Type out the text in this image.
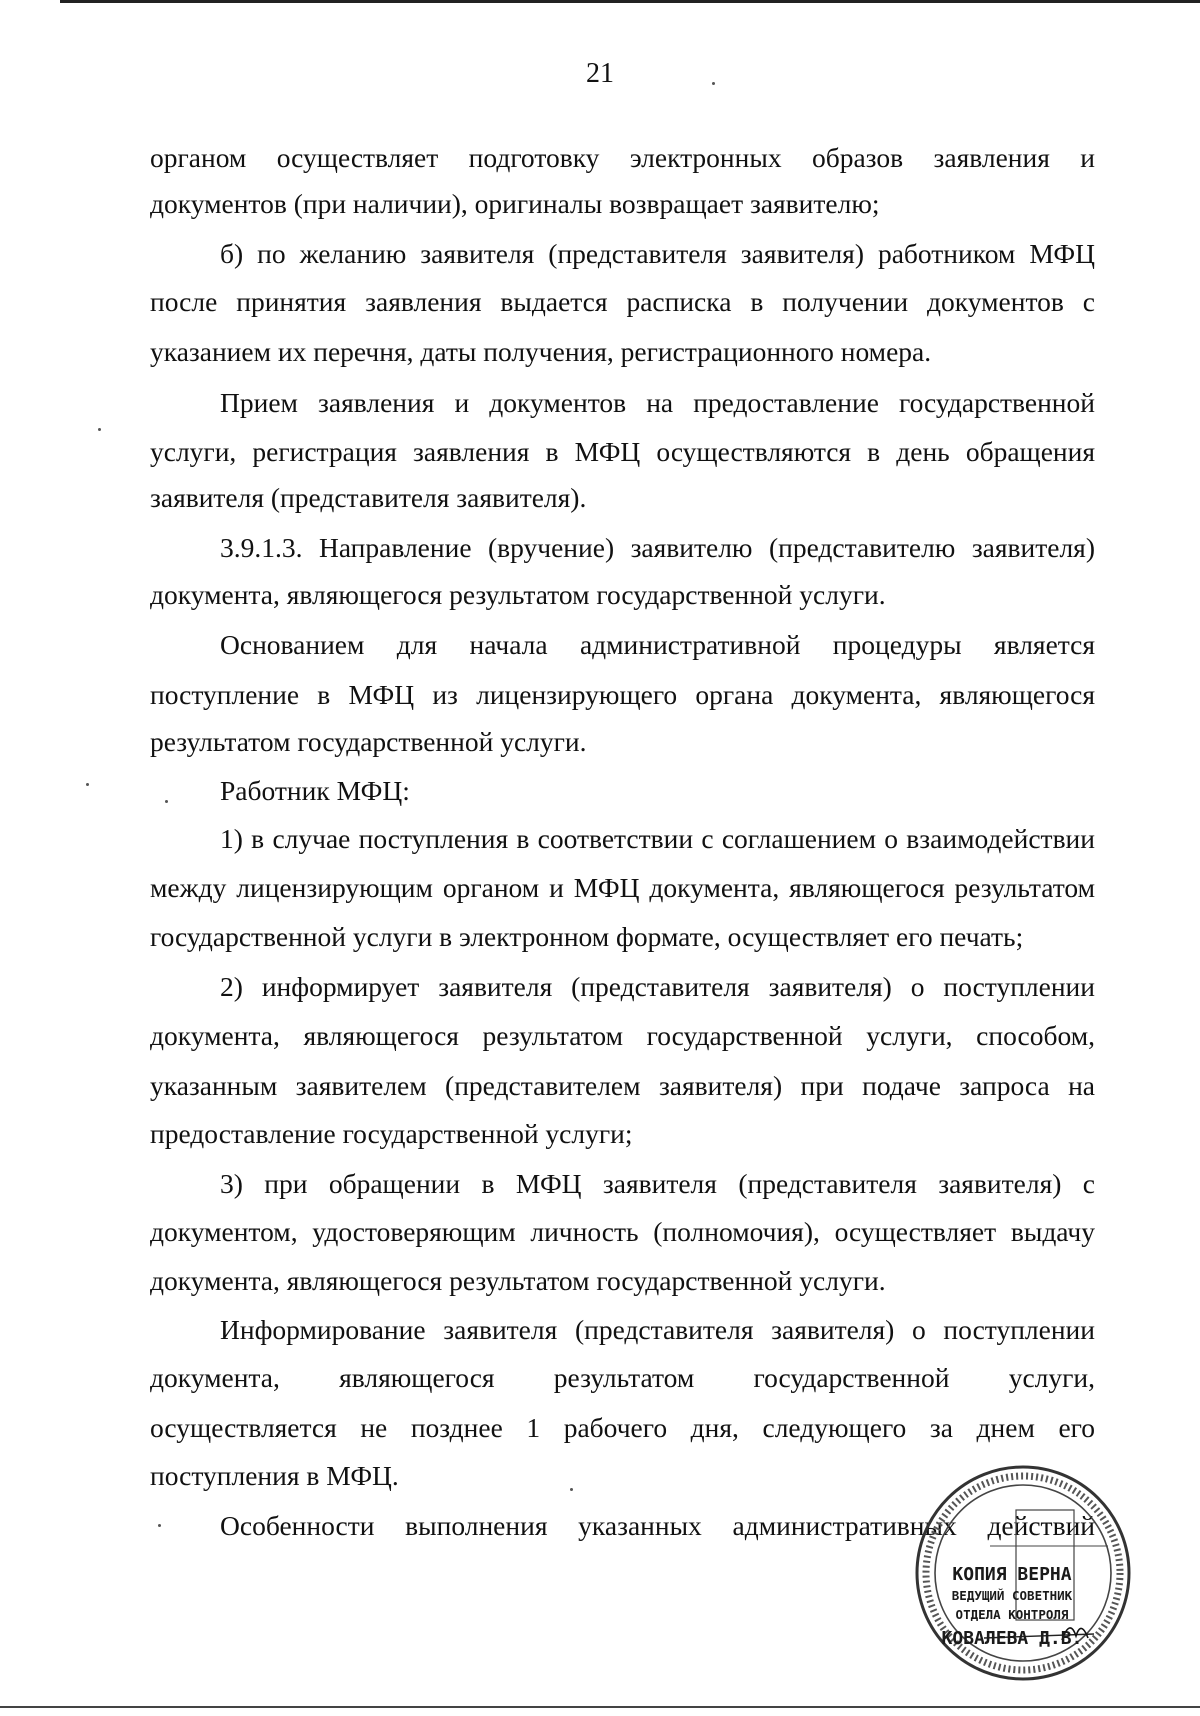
21
органом осуществляет подготовку электронных образов заявления и
документов (при наличии), оригиналы возвращает заявителю;
б) по желанию заявителя (представителя заявителя) работником МФЦ
после принятия заявления выдается расписка в получении документов с
указанием их перечня, даты получения, регистрационного номера.
Прием заявления и документов на предоставление государственной
услуги, регистрация заявления в МФЦ осуществляются в день обращения
заявителя (представителя заявителя).
3.9.1.3. Направление (вручение) заявителю (представителю заявителя)
документа, являющегося результатом государственной услуги.
Основанием для начала административной процедуры является
поступление в МФЦ из лицензирующего органа документа, являющегося
результатом государственной услуги.
Работник МФЦ:
1) в случае поступления в соответствии с соглашением о взаимодействии
между лицензирующим органом и МФЦ документа, являющегося результатом
государственной услуги в электронном формате, осуществляет его печать;
2) информирует заявителя (представителя заявителя) о поступлении
документа, являющегося результатом государственной услуги, способом,
указанным заявителем (представителем заявителя) при подаче запроса на
предоставление государственной услуги;
3) при обращении в МФЦ заявителя (представителя заявителя) с
документом, удостоверяющим личность (полномочия), осуществляет выдачу
документа, являющегося результатом государственной услуги.
Информирование заявителя (представителя заявителя) о поступлении
документа, являющегося результатом государственной услуги,
осуществляется не позднее 1 рабочего дня, следующего за днем его
поступления в МФЦ.
Особенности выполнения указанных административных действий
КОПИЯ ВЕРНА
ВЕДУЩИЙ СОВЕТНИК
ОТДЕЛА КОНТРОЛЯ
КОВАЛЕВА Д.В.
